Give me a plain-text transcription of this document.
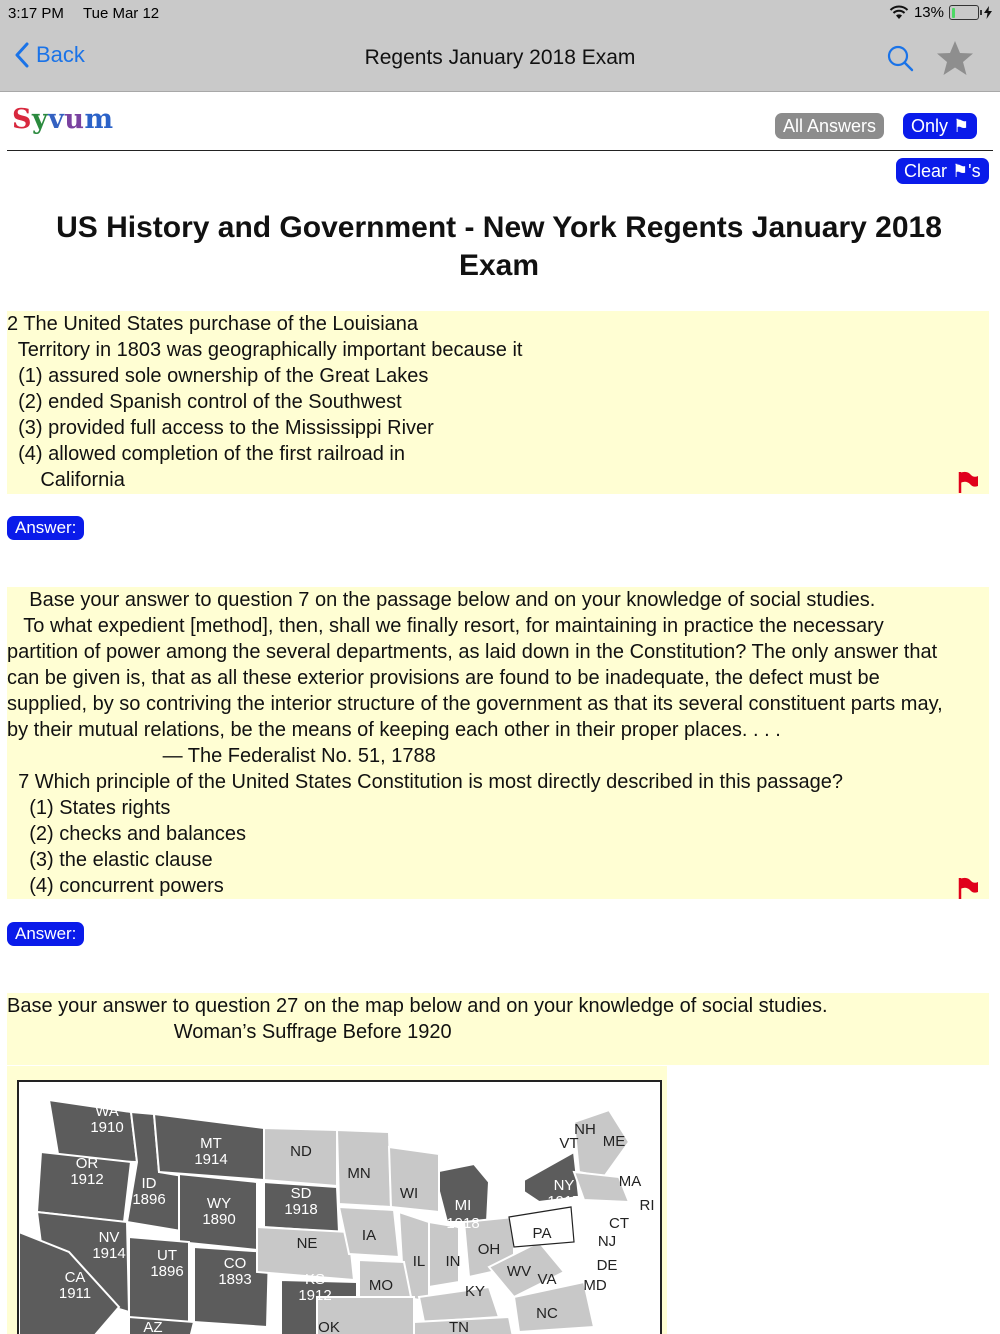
3:17 PM Tue Mar 12	13%
Back	Regents January 2018 Exam
Syvum	All Answers	Only ⚑
Clear ⚑'s
US History and Government - New York Regents January 2018 Exam

2 The United States purchase of the Louisiana

Territory in 1803 was geographically important because it

(1) assured sole ownership of the Great Lakes

(2) ended Spanish control of the Southwest

(3) provided full access to the Mississippi River

(4) allowed completion of the first railroad in

California

Answer:

Base your answer to question 7 on the passage below and on your knowledge of social studies.

To what expedient [method], then, shall we finally resort, for maintaining in practice the necessary

partition of power among the several departments, as laid down in the Constitution? The only answer that

can be given is, that as all these exterior provisions are found to be inadequate, the defect must be

supplied, by so contriving the interior structure of the government as that its several constituent parts may,

by their mutual relations, be the means of keeping each other in their proper places. . . .

— The Federalist No. 51, 1788

7 Which principle of the United States Constitution is most directly described in this passage?

(1) States rights

(2) checks and balances

(3) the elastic clause

(4) concurrent powers

Answer:

Base your answer to question 27 on the map below and on your knowledge of social studies.

Woman’s Suffrage Before 1920

WA
1910
OR
1912	ID
1896
MT
1914	ND
SD
1918
WY
1890
MN
WI
MI
1918
NY
1917
NH
VT ME
MA
RI
CT
NJ
DE
MD
PA
OH
IN
IL
IA
NE
CO
1893	KS
1912
UT
1896
NV
1914
CA
1911
AZ	OK
MO	KY
TN
WV VA
NC
